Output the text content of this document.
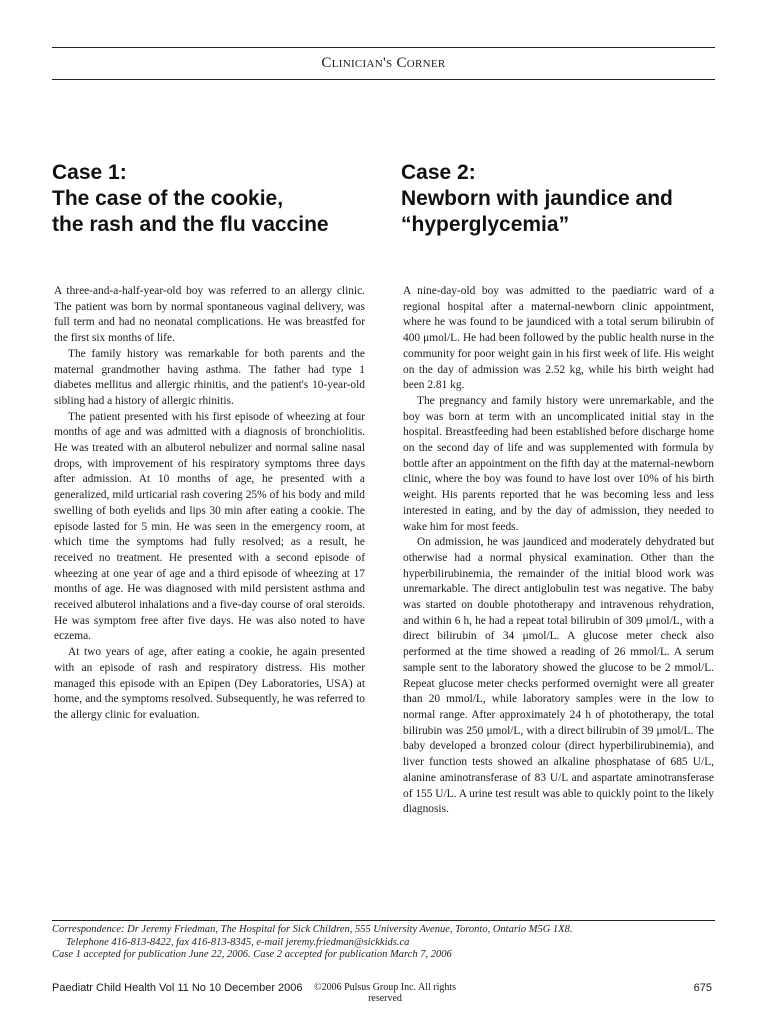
Clinician's Corner
Case 1:
The case of the cookie,
the rash and the flu vaccine
Case 2:
Newborn with jaundice and
“hyperglycemia”

A three-and-a-half-year-old boy was referred to an allergy clinic. The patient was born by normal spontaneous vaginal delivery, was full term and had no neonatal complications. He was breastfed for the first six months of life.

The family history was remarkable for both parents and the maternal grandmother having asthma. The father had type 1 diabetes mellitus and allergic rhinitis, and the patient's 10-year-old sibling had a history of allergic rhinitis.

The patient presented with his first episode of wheezing at four months of age and was admitted with a diagnosis of bronchiolitis. He was treated with an albuterol nebulizer and normal saline nasal drops, with improvement of his respiratory symptoms three days after admission. At 10 months of age, he presented with a generalized, mild urticarial rash covering 25% of his body and mild swelling of both eyelids and lips 30 min after eating a cookie. The episode lasted for 5 min. He was seen in the emergency room, at which time the symptoms had fully resolved; as a result, he received no treatment. He presented with a second episode of wheezing at one year of age and a third episode of wheezing at 17 months of age. He was diagnosed with mild persistent asthma and received albuterol inhalations and a five-day course of oral steroids. He was symptom free after five days. He was also noted to have eczema.

At two years of age, after eating a cookie, he again presented with an episode of rash and respiratory distress. His mother managed this episode with an Epipen (Dey Laboratories, USA) at home, and the symptoms resolved. Subsequently, he was referred to the allergy clinic for evaluation.

A nine-day-old boy was admitted to the paediatric ward of a regional hospital after a maternal-newborn clinic appointment, where he was found to be jaundiced with a total serum bilirubin of 400 μmol/L. He had been followed by the public health nurse in the community for poor weight gain in his first week of life. His weight on the day of admission was 2.52 kg, while his birth weight had been 2.81 kg.

The pregnancy and family history were unremarkable, and the boy was born at term with an uncomplicated initial stay in the hospital. Breastfeeding had been established before discharge home on the second day of life and was supplemented with formula by bottle after an appointment on the fifth day at the maternal-newborn clinic, where the boy was found to have lost over 10% of his birth weight. His parents reported that he was becoming less and less interested in eating, and by the day of admission, they needed to wake him for most feeds.

On admission, he was jaundiced and moderately dehydrated but otherwise had a normal physical examination. Other than the hyperbilirubinemia, the remainder of the initial blood work was unremarkable. The direct antiglobulin test was negative. The baby was started on double phototherapy and intravenous rehydration, and within 6 h, he had a repeat total bilirubin of 309 μmol/L, with a direct bilirubin of 34 μmol/L. A glucose meter check also performed at the time showed a reading of 26 mmol/L. A serum sample sent to the laboratory showed the glucose to be 2 mmol/L. Repeat glucose meter checks performed overnight were all greater than 20 mmol/L, while laboratory samples were in the low to normal range. After approximately 24 h of phototherapy, the total bilirubin was 250 μmol/L, with a direct bilirubin of 39 μmol/L. The baby developed a bronzed colour (direct hyperbilirubinemia), and liver function tests showed an alkaline phosphatase of 685 U/L, alanine aminotransferase of 83 U/L and aspartate aminotransferase of 155 U/L. A urine test result was able to quickly point to the likely diagnosis.

Correspondence: Dr Jeremy Friedman, The Hospital for Sick Children, 555 University Avenue, Toronto, Ontario M5G 1X8.
Telephone 416-813-8422, fax 416-813-8345, e-mail jeremy.friedman@sickkids.ca
Case 1 accepted for publication June 22, 2006. Case 2 accepted for publication March 7, 2006
Paediatr Child Health Vol 11 No 10 December 2006	©2006 Pulsus Group Inc. All rights reserved
675
